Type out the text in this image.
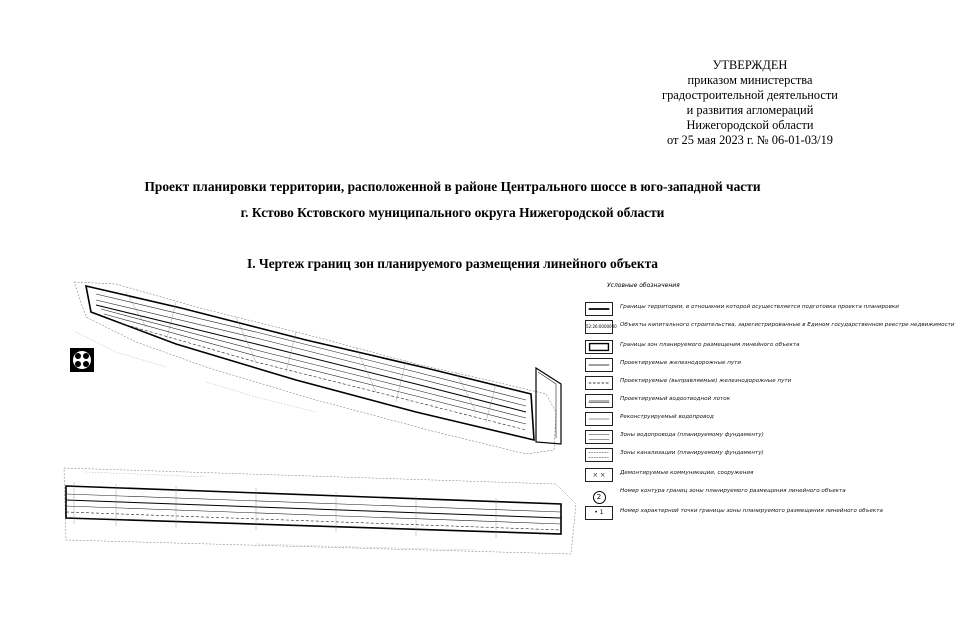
УТВЕРЖДЕН
приказом министерства
градостроительной деятельности
и развития агломераций
Нижегородской области
от 25 мая 2023 г. № 06-01-03/19
Проект планировки территории, расположенной в районе Центрального шоссе в юго-западной части
г. Кстово Кстовского муниципального округа Нижегородской области
I. Чертеж границ зон планируемого размещения линейного объекта
Условные обозначения
Границы территории, в отношении которой осуществляется подготовка проекта планировки
52:26:0000000 Объекты капитального строительства, зарегистрированные в Едином государственном реестре недвижимости
Границы зон планируемого размещения линейного объекта
Проектируемые железнодорожные пути
Проектируемые (выправляемые) железнодорожные пути
Проектируемый водоотводной лоток
Реконструируемый водопровод
Зоны водопровода (планируемому фундаменту)
Зоны канализации (планируемому фундаменту)
× ×	Демонтируемые коммуникации, сооружения
2
Номер контура границ зоны планируемого размещения линейного объекта
• 1	Номер характерной точки границы зоны планируемого размещения линейного объекта
